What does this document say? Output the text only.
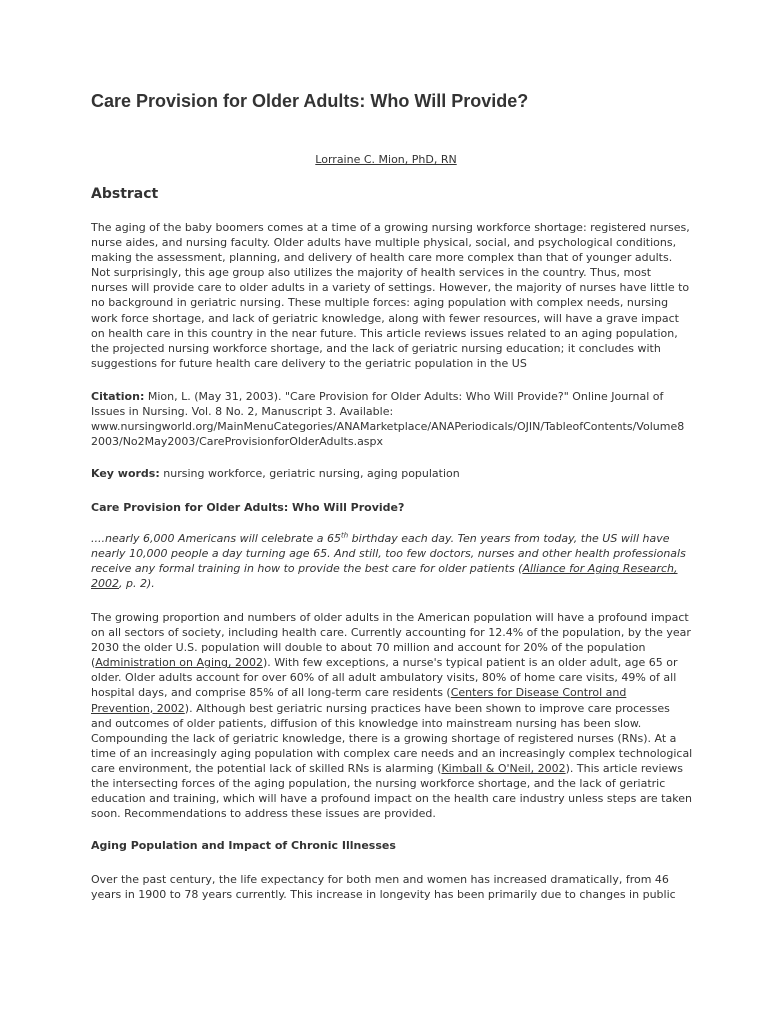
Care Provision for Older Adults: Who Will Provide?
Lorraine C. Mion, PhD, RN
Abstract
The aging of the baby boomers comes at a time of a growing nursing workforce shortage: registered nurses,
nurse aides, and nursing faculty. Older adults have multiple physical, social, and psychological conditions,
making the assessment, planning, and delivery of health care more complex than that of younger adults.
Not surprisingly, this age group also utilizes the majority of health services in the country. Thus, most
nurses will provide care to older adults in a variety of settings. However, the majority of nurses have little to
no background in geriatric nursing. These multiple forces: aging population with complex needs, nursing
work force shortage, and lack of geriatric knowledge, along with fewer resources, will have a grave impact
on health care in this country in the near future. This article reviews issues related to an aging population,
the projected nursing workforce shortage, and the lack of geriatric nursing education; it concludes with
suggestions for future health care delivery to the geriatric population in the US
Citation: Mion, L. (May 31, 2003). "Care Provision for Older Adults: Who Will Provide?" Online Journal of
Issues in Nursing. Vol. 8 No. 2, Manuscript 3. Available:
www.nursingworld.org/MainMenuCategories/ANAMarketplace/ANAPeriodicals/OJIN/TableofContents/Volume8
2003/No2May2003/CareProvisionforOlderAdults.aspx
Key words: nursing workforce, geriatric nursing, aging population
Care Provision for Older Adults: Who Will Provide?
....nearly 6,000 Americans will celebrate a 65th birthday each day. Ten years from today, the US will have
nearly 10,000 people a day turning age 65. And still, too few doctors, nurses and other health professionals
receive any formal training in how to provide the best care for older patients (Alliance for Aging Research,
2002, p. 2).
The growing proportion and numbers of older adults in the American population will have a profound impact
on all sectors of society, including health care. Currently accounting for 12.4% of the population, by the year
2030 the older U.S. population will double to about 70 million and account for 20% of the population
(Administration on Aging, 2002). With few exceptions, a nurse's typical patient is an older adult, age 65 or
older. Older adults account for over 60% of all adult ambulatory visits, 80% of home care visits, 49% of all
hospital days, and comprise 85% of all long-term care residents (Centers for Disease Control and
Prevention, 2002). Although best geriatric nursing practices have been shown to improve care processes
and outcomes of older patients, diffusion of this knowledge into mainstream nursing has been slow.
Compounding the lack of geriatric knowledge, there is a growing shortage of registered nurses (RNs). At a
time of an increasingly aging population with complex care needs and an increasingly complex technological
care environment, the potential lack of skilled RNs is alarming (Kimball & O'Neil, 2002). This article reviews
the intersecting forces of the aging population, the nursing workforce shortage, and the lack of geriatric
education and training, which will have a profound impact on the health care industry unless steps are taken
soon. Recommendations to address these issues are provided.
Aging Population and Impact of Chronic Illnesses
Over the past century, the life expectancy for both men and women has increased dramatically, from 46
years in 1900 to 78 years currently. This increase in longevity has been primarily due to changes in public
